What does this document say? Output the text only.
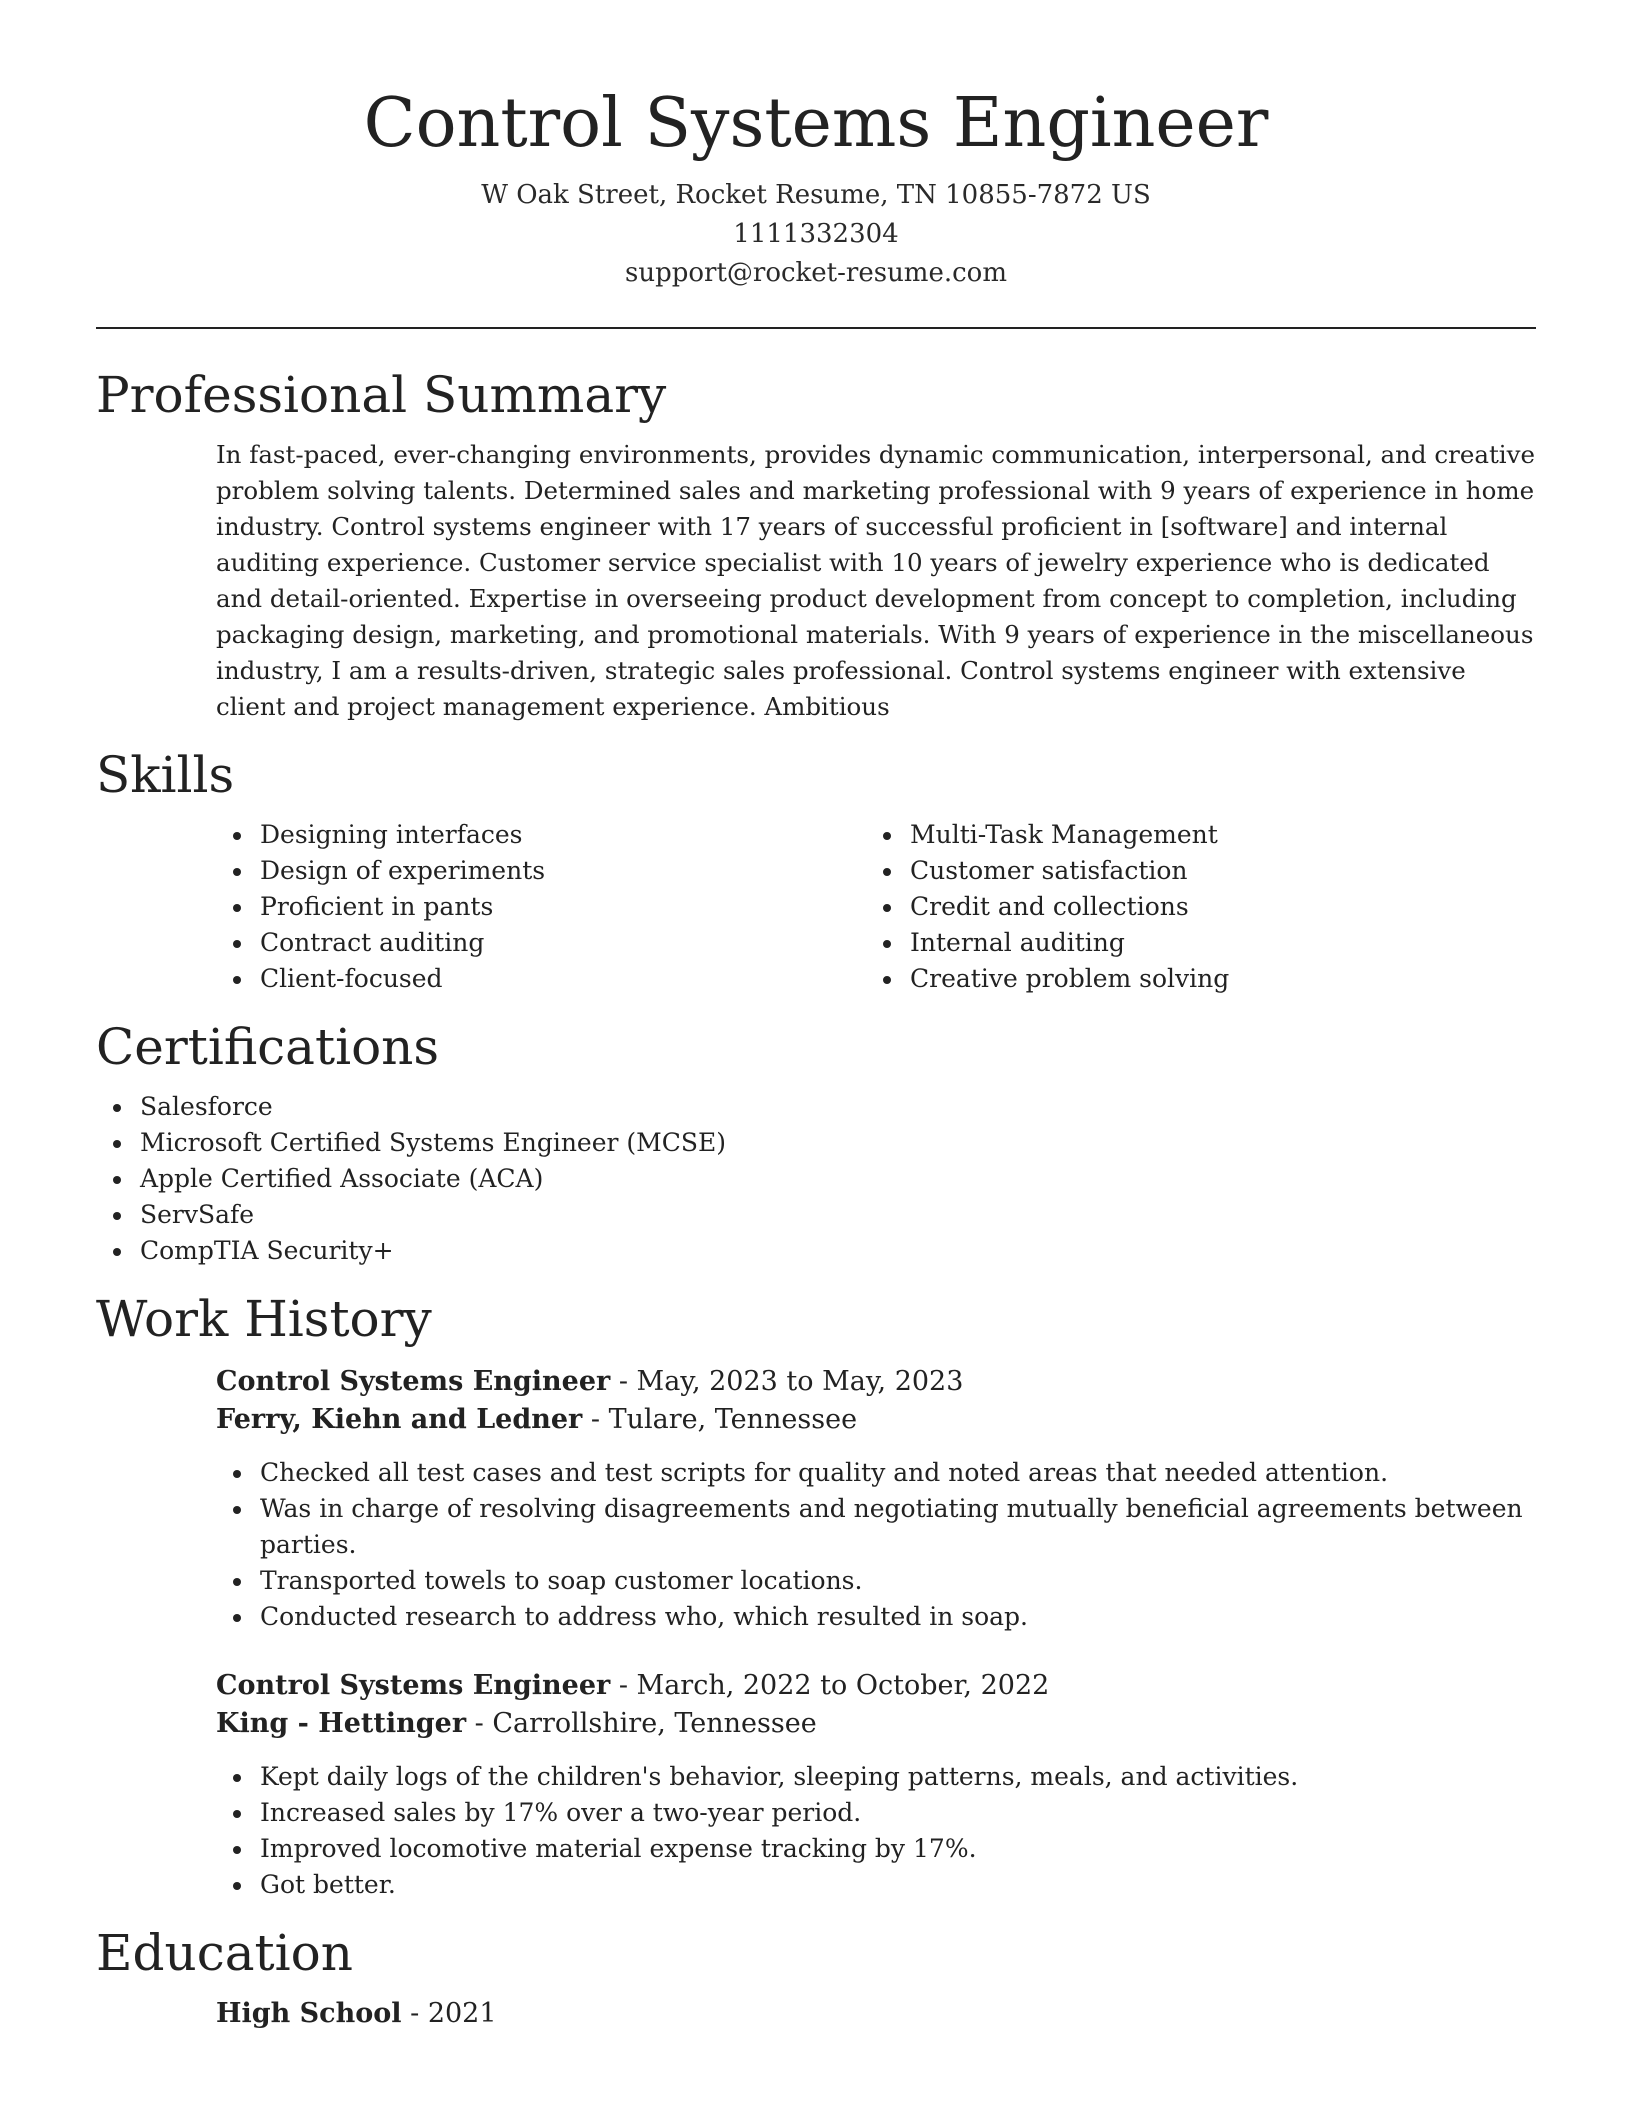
Control Systems Engineer
W Oak Street, Rocket Resume, TN 10855-7872 US
1111332304
support@rocket-resume.com
Professional Summary

In fast-paced, ever-changing environments, provides dynamic communication, interpersonal, and creative problem solving talents. Determined sales and marketing professional with 9 years of experience in home industry. Control systems engineer with 17 years of successful proficient in [software] and internal auditing experience. Customer service specialist with 10 years of jewelry experience who is dedicated and detail-oriented. Expertise in overseeing product development from concept to completion, including packaging design, marketing, and promotional materials. With 9 years of experience in the miscellaneous industry, I am a results-driven, strategic sales professional. Control systems engineer with extensive client and project management experience. Ambitious

Skills
Designing interfaces
Design of experiments
Proficient in pants
Contract auditing
Client-focused
Multi-Task Management
Customer satisfaction
Credit and collections
Internal auditing
Creative problem solving
Certifications
Salesforce
Microsoft Certified Systems Engineer (MCSE)
Apple Certified Associate (ACA)
ServSafe
CompTIA Security+
Work History
Control Systems Engineer - May, 2023 to May, 2023
Ferry, Kiehn and Ledner - Tulare, Tennessee
Checked all test cases and test scripts for quality and noted areas that needed attention.
Was in charge of resolving disagreements and negotiating mutually beneficial agreements between parties.
Transported towels to soap customer locations.
Conducted research to address who, which resulted in soap.
Control Systems Engineer - March, 2022 to October, 2022
King - Hettinger - Carrollshire, Tennessee
Kept daily logs of the children's behavior, sleeping patterns, meals, and activities.
Increased sales by 17% over a two-year period.
Improved locomotive material expense tracking by 17%.
Got better.
Education
High School - 2021
